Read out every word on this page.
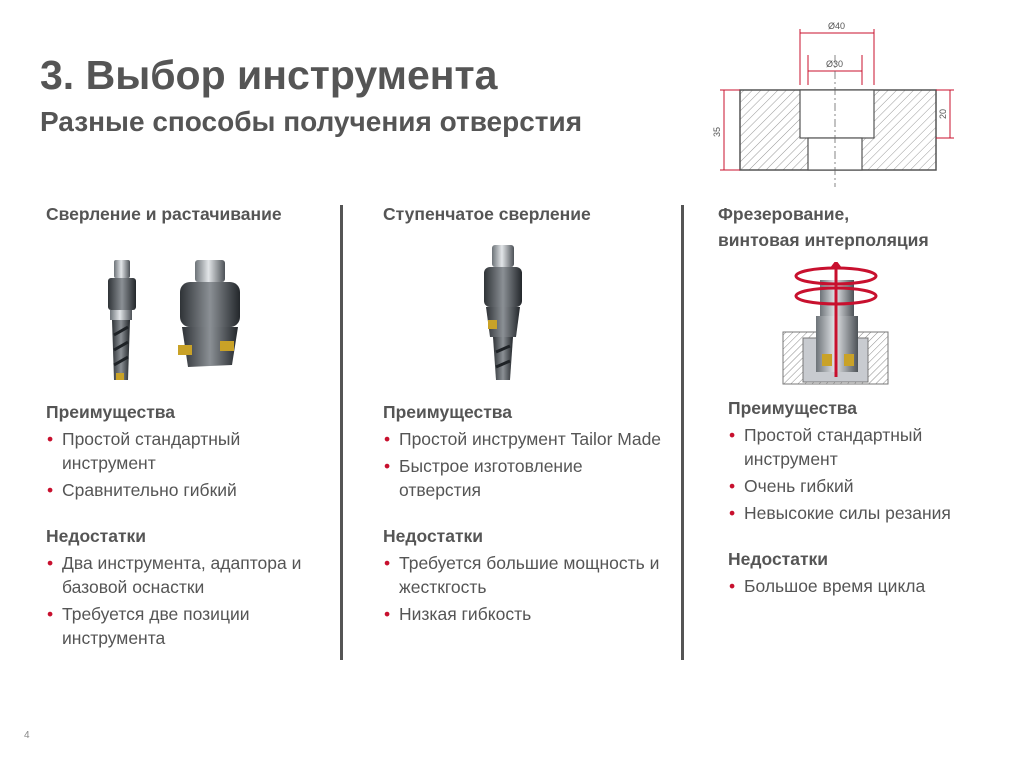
3. Выбор инструмента
Разные способы получения отверстия
Ø40
Ø30
35
20
Сверление и растачивание
Преимущества
• Простой стандартный инструмент
• Сравнительно гибкий
Недостатки
• Два инструмента, адаптора и базовой оснастки
• Требуется две позиции инструмента
Ступенчатое сверление
Преимущества
• Простой инструмент Tailor Made
• Быстрое изготовление отверстия
Недостатки
• Требуется большие мощность и жесткгость
• Низкая гибкость
Фрезерование,
винтовая интерполяция
Преимущества
• Простой стандартный инструмент
• Очень гибкий
• Невысокие силы резания
Недостатки
• Большое время цикла
4
